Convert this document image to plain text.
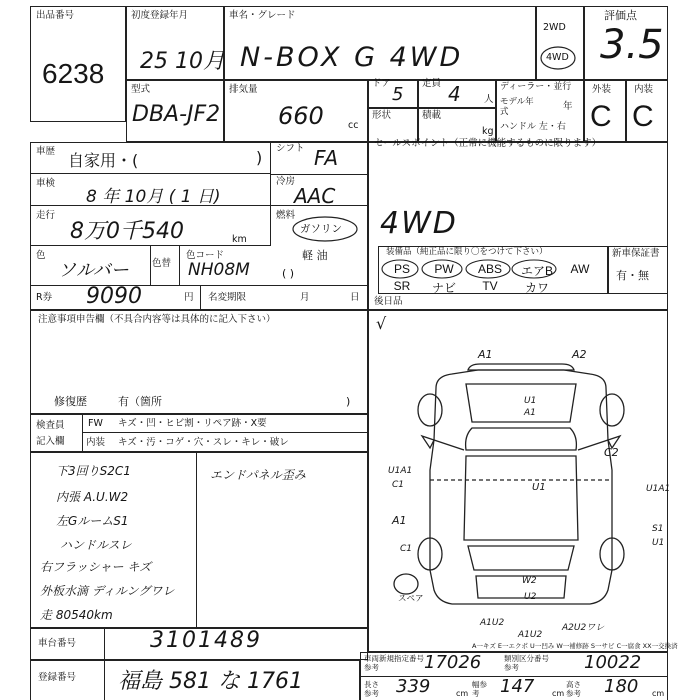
出品番号
6238
初度登録年月
25 10月
車名・グレード
N-BOX G 4WD
2WD
4WD
評価点
3.5
型式
DBA-JF2
排気量
660	cc
ドア
5
定員 4 人
形状	積載
kg
ディーラー・並行
モデル年式	年
ハンドル 左・右
外装 内装
C C
車歴 自家用・(	) シフト FA
車検
8 年 10月 ( 1 日)
冷房
AAC
走行
8万0千540	km
燃料
ガソリン
軽 油
( )
色
ソルバー 色替
色コード
NH08M
R券 9090	円 名変期限	月	日
セールスポイント（正常に機能するものに限ります）
4WD
装備品（純正品に限り〇をつけて下さい）
PS	PW	ABS	エアB	AW
SR	ナビ	TV	カワ
新車保証書
有・無
後日品
注意事項申告欄（不具合内容等は具体的に記入下さい）
修復歴	有（箇所	)
√
A1	A2
U1
A1
U1
C2
U1A1
C1	U1A1
A1
S1
U1
C1
W2
U2
A1U2
A1U2
A2U2ワレ
スペア
A一キズ E一エクボ U一凹み W一補修跡 S一サビ C一腐食 XX一交換済
検査員
記入欄
FW キズ・凹・ヒビ割・リペア跡・X要
内装 キズ・汚・コゲ・穴・スレ・キレ・破レ
下3回りS2C1
内張 A.U.W2
左GルームS1
ハンドルスレ
右フラッシャー キズ
外板水滴 ディルングワレ
走 80540km
エンドパネル歪み
車台番号	3101489
登録番号 福島 581 な 1761
車両新規指定番号
参考	17026	類別区分番号
参考	10022
長さ参考 339	cm
幅参考	147 cm
高さ参考 180 cm
